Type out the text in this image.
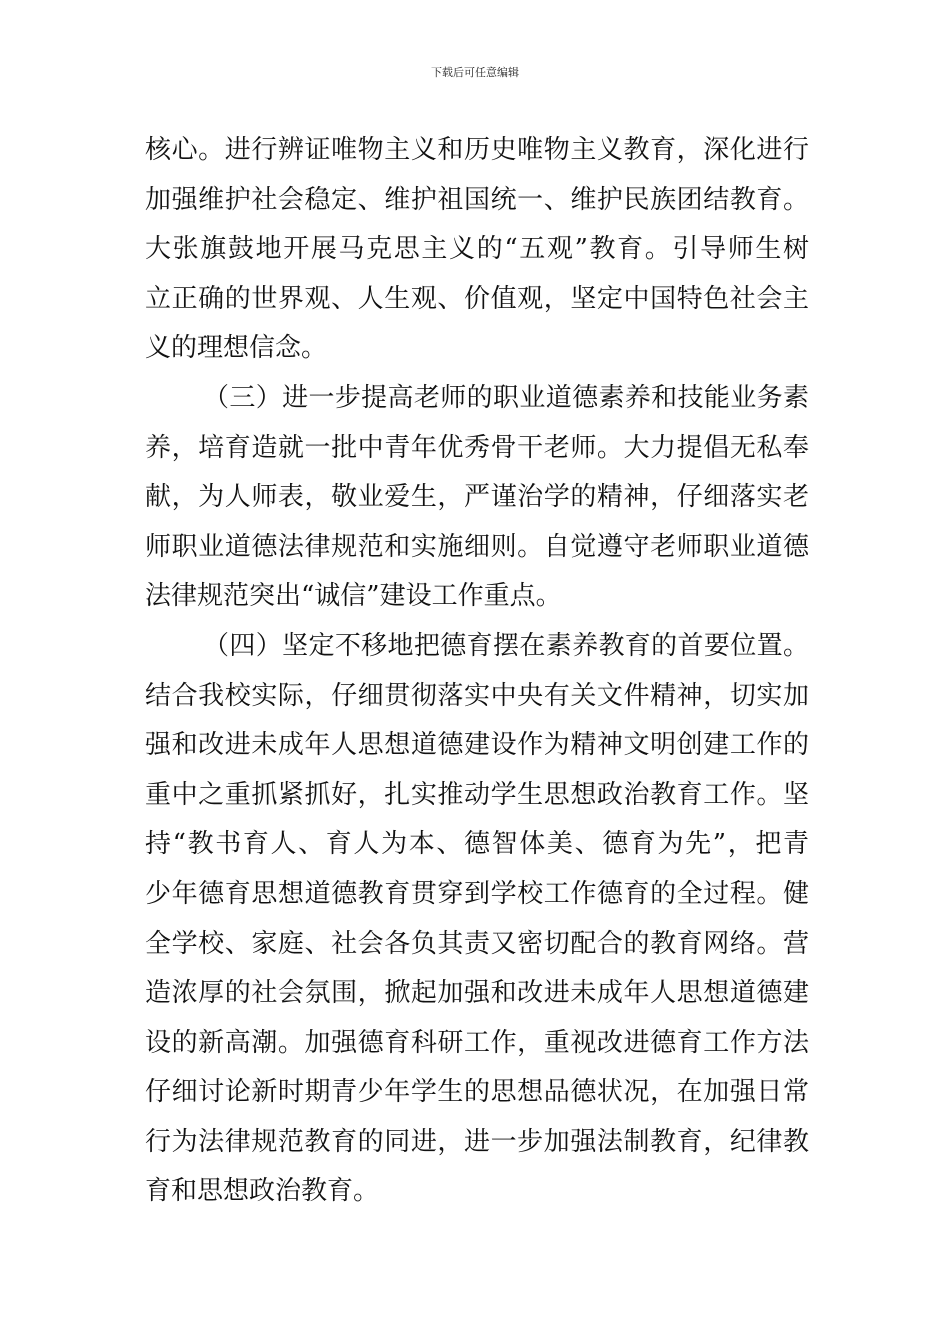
下载后可任意编辑
核心。进行辨证唯物主义和历史唯物主义教育，深化进行
加强维护社会稳定、维护祖国统一、维护民族团结教育。
大张旗鼓地开展马克思主义的“五观”教育。引导师生树
立正确的世界观、人生观、价值观，坚定中国特色社会主
义的理想信念。
（三）进一步提高老师的职业道德素养和技能业务素
养，培育造就一批中青年优秀骨干老师。大力提倡无私奉
献，为人师表，敬业爱生，严谨治学的精神，仔细落实老
师职业道德法律规范和实施细则。自觉遵守老师职业道德
法律规范突出“诚信”建设工作重点。
（四）坚定不移地把德育摆在素养教育的首要位置。
结合我校实际，仔细贯彻落实中央有关文件精神，切实加
强和改进未成年人思想道德建设作为精神文明创建工作的
重中之重抓紧抓好，扎实推动学生思想政治教育工作。坚
持“教书育人、育人为本、德智体美、德育为先”，把青
少年德育思想道德教育贯穿到学校工作德育的全过程。健
全学校、家庭、社会各负其责又密切配合的教育网络。营
造浓厚的社会氛围，掀起加强和改进未成年人思想道德建
设的新高潮。加强德育科研工作，重视改进德育工作方法
仔细讨论新时期青少年学生的思想品德状况，在加强日常
行为法律规范教育的同进，进一步加强法制教育，纪律教
育和思想政治教育。
